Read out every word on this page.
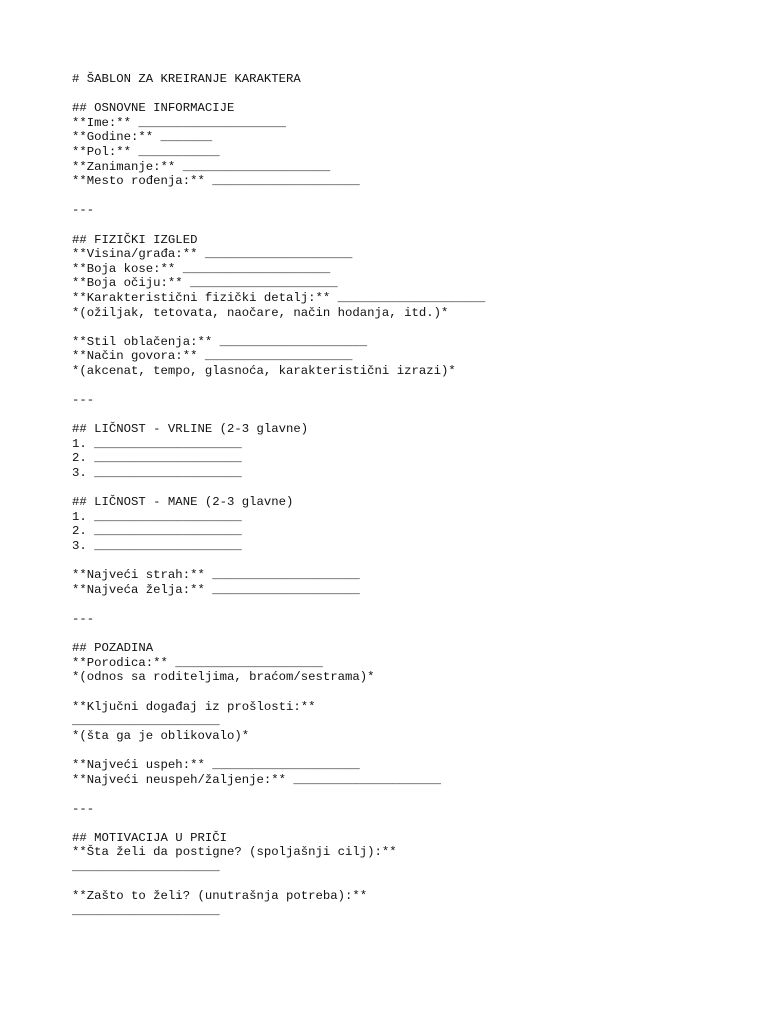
# ŠABLON ZA KREIRANJE KARAKTERA
## OSNOVNE INFORMACIJE
**Ime:** ____________________
**Godine:** _______
**Pol:** ___________
**Zanimanje:** ____________________
**Mesto rođenja:** ____________________
---
## FIZIČKI IZGLED
**Visina/građa:** ____________________
**Boja kose:** ____________________
**Boja očiju:** ____________________
**Karakteristični fizički detalj:** ____________________
*(ožiljak, tetovata, naočare, način hodanja, itd.)*
**Stil oblačenja:** ____________________
**Način govora:** ____________________
*(akcenat, tempo, glasnoća, karakteristični izrazi)*
---
## LIČNOST - VRLINE (2-3 glavne)
1. ____________________
2. ____________________
3. ____________________
## LIČNOST - MANE (2-3 glavne)
1. ____________________
2. ____________________
3. ____________________
**Najveći strah:** ____________________
**Najveća želja:** ____________________
---
## POZADINA
**Porodica:** ____________________
*(odnos sa roditeljima, braćom/sestrama)*
**Ključni događaj iz prošlosti:**
____________________
*(šta ga je oblikovalo)*
**Najveći uspeh:** ____________________
**Najveći neuspeh/žaljenje:** ____________________
---
## MOTIVACIJA U PRIČI
**Šta želi da postigne? (spoljašnji cilj):**
____________________
**Zašto to želi? (unutrašnja potreba):**
____________________
